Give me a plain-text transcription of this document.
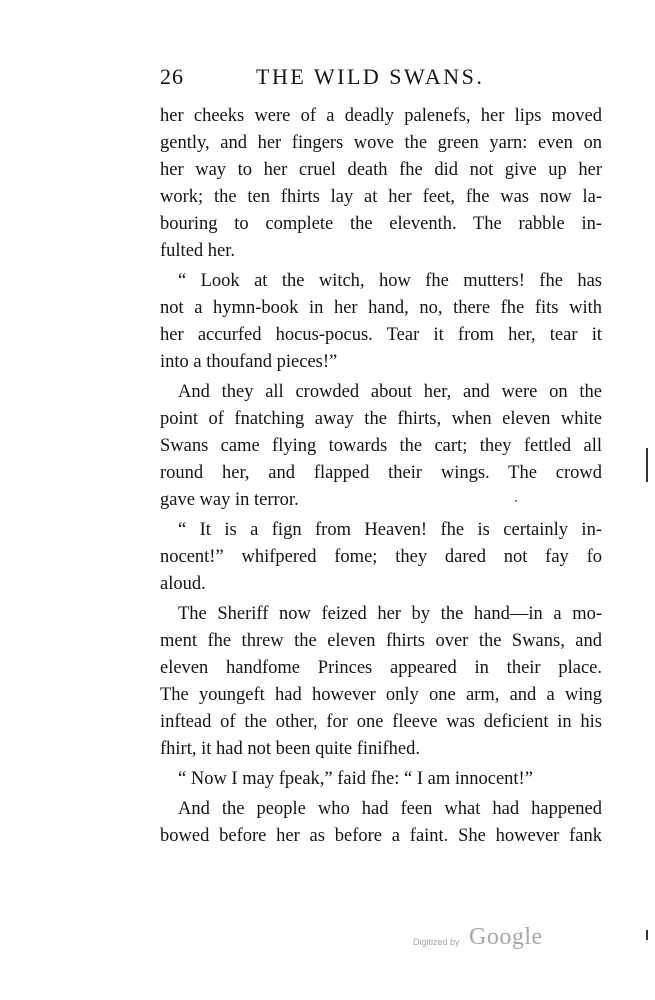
26	THE WILD SWANS.
her cheeks were of a deadly palenefs, her lips moved
gently, and her fingers wove the green yarn: even on
her way to her cruel death fhe did not give up her
work; the ten fhirts lay at her feet, fhe was now la-
bouring to complete the eleventh. The rabble in-
fulted her.
“ Look at the witch, how fhe mutters! fhe has
not a hymn-book in her hand, no, there fhe fits with
her accurfed hocus-pocus. Tear it from her, tear it
into a thoufand pieces!”
And they all crowded about her, and were on the
point of fnatching away the fhirts, when eleven white
Swans came flying towards the cart; they fettled all
round her, and flapped their wings. The crowd
gave way in terror.
“ It is a fign from Heaven! fhe is certainly in-
nocent!” whifpered fome; they dared not fay fo
aloud.
The Sheriff now feized her by the hand—in a mo-
ment fhe threw the eleven fhirts over the Swans, and
eleven handfome Princes appeared in their place.
The youngeft had however only one arm, and a wing
inftead of the other, for one fleeve was deficient in his
fhirt, it had not been quite finifhed.
“ Now I may fpeak,” faid fhe: “ I am innocent!”
And the people who had feen what had happened
bowed before her as before a faint. She however fank
Digitized by Google
